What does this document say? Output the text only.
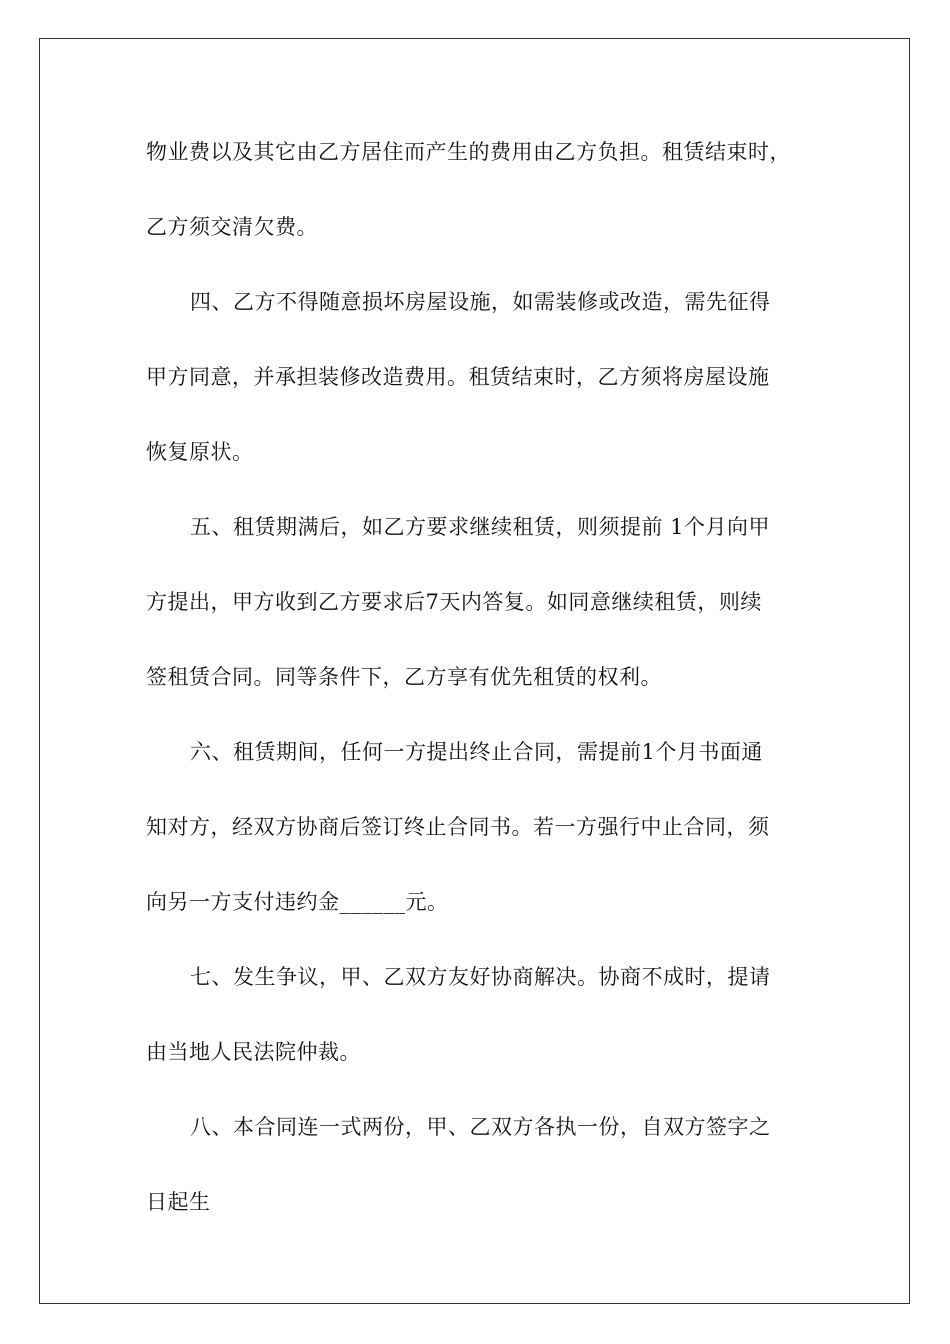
物业费以及其它由乙方居住而产生的费用由乙方负担。租赁结束时，
乙方须交清欠费。
四、乙方不得随意损坏房屋设施，如需装修或改造，需先征得
甲方同意，并承担装修改造费用。租赁结束时，乙方须将房屋设施
恢复原状。
五、租赁期满后，如乙方要求继续租赁，则须提前 1个月向甲
方提出，甲方收到乙方要求后7天内答复。如同意继续租赁，则续
签租赁合同。同等条件下，乙方享有优先租赁的权利。
六、租赁期间，任何一方提出终止合同，需提前1个月书面通
知对方，经双方协商后签订终止合同书。若一方强行中止合同，须
向另一方支付违约金______元。
七、发生争议，甲、乙双方友好协商解决。协商不成时，提请
由当地人民法院仲裁。
八、本合同连一式两份，甲、乙双方各执一份，自双方签字之
日起生
